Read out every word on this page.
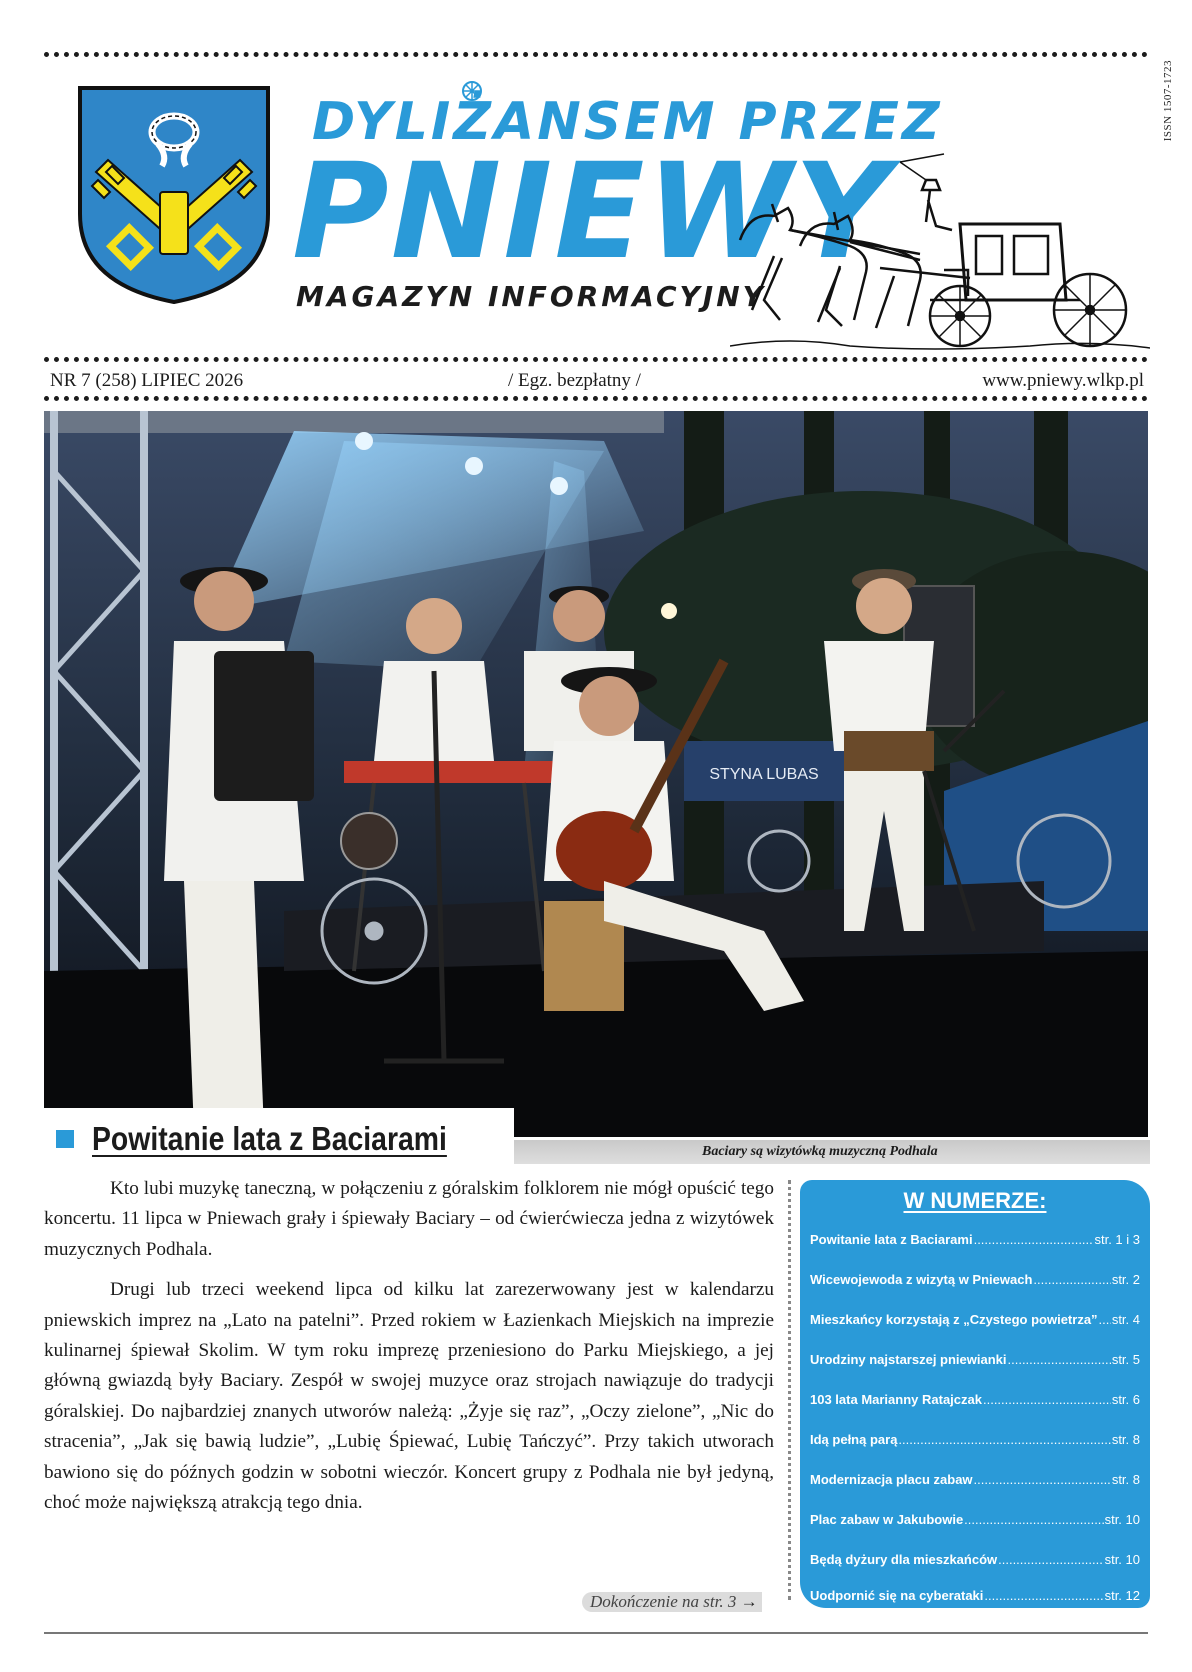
ISSN 1507-1723
DYLIŻANSEM PRZEZ
PNIEWY
MAGAZYN INFORMACYJNY
NR 7 (258) LIPIEC 2026	/ Egz. bezpłatny /	www.pniewy.wlkp.pl
STYNA LUBAS
Baciary są wizytówką muzyczną Podhala
Powitanie lata z Baciarami

Kto lubi muzykę taneczną, w połączeniu z góralskim folklorem nie mógł opuścić tego koncertu. 11 lipca w Pniewach grały i śpiewały Baciary – od ćwierćwiecza jedna z wizytówek muzycznych Podhala.

Drugi lub trzeci weekend lipca od kilku lat zarezerwowany jest w kalendarzu pniewskich imprez na „Lato na patelni”. Przed rokiem w Łazienkach Miejskich na imprezie kulinarnej śpiewał Skolim. W tym roku imprezę przeniesiono do Parku Miejskiego, a jej główną gwiazdą były Baciary. Zespół w swojej muzyce oraz strojach nawiązuje do tradycji góralskiej. Do najbardziej znanych utworów należą: „Żyje się raz”, „Oczy zielone”, „Nic do stracenia”, „Jak się bawią ludzie”, „Lubię Śpiewać, Lubię Tańczyć”. Przy takich utworach bawiono się do późnych godzin w sobotni wieczór. Koncert grupy z Podhala nie był jedyną, choć może największą atrakcją tego dnia.

Dokończenie na str. 3 →
W NUMERZE:
Powitanie lata z Baciarami .....	str. 1 i 3
Wicewojewoda z wizytą w Pniewach .....	str. 2
Mieszkańcy korzystają z „Czystego powietrza” ..... str. 4
Urodziny najstarszej pniewianki .....	str. 5
103 lata Marianny Ratajczak .....	str. 6
Idą pełną parą .....	str. 8
Modernizacja placu zabaw .....	str. 8
Plac zabaw w Jakubowie .....	str. 10
Będą dyżury dla mieszkańców .....	str. 10
Uodpornić się na cyberataki .....	str. 12
